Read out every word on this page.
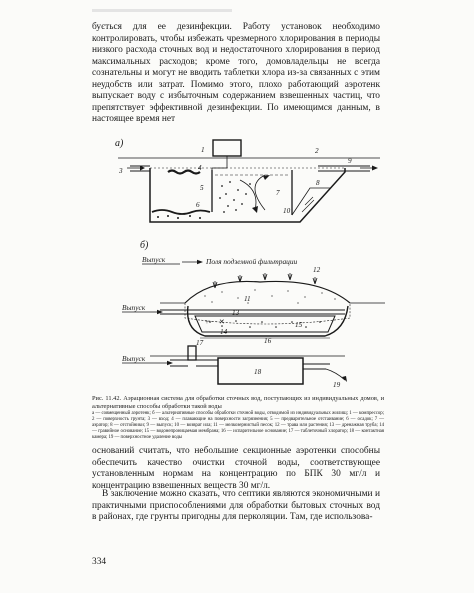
бується для ее дезинфекции. Работу установок необходимо контролировать, чтобы избежать чрезмерного хлорирования в периоды низкого расхода сточных вод и недостаточного хлорирования в период максимальных расходов; кроме того, домовладельцы не всегда сознательны и могут не вводить таблетки хлора из-за связанных с этим неудобств или затрат. Помимо этого, плохо работающий аэротенк выпускает воду с избыточным содержанием взвешенных частиц, что препятствует эффективной дезинфекции. По имеющимся данным, в настоящее время нет

а)
1	2
3	4
5
6
7
8
9
10
б)
Выпуск	Поля подземной фильтрации
Выпуск
+ · · ✕
11
12
13
14
15
16
Выпуск
17
18
19

Рис. 11.42. Аэрационная система для обработки сточных вод, поступающих из индивидуальных домов, и альтернативные способы обработки такой воды

а — совмещенный аэротенк; б — альтернативные способы обработки сточной воды, отводимой из индивидуальных жилищ; 1 — компрессор; 2 — поверхность грунта; 3 — вход; 4 — плавающие на поверхности загрязнения; 5 — предварительное отстаивание; 6 — осадок; 7 — аэратор; 8 — отстойники; 9 — выпуск; 10 — возврат ила; 11 — мелкозернистый песок; 12 — трава или растения; 13 — дренажная труба; 14 — гравийное основание; 15 — водонепроницаемая мембрана; 16 — испарительное основание; 17 — таблеточный хлоратор; 18 — контактная камера; 19 — поверхностное удаление воды

оснований считать, что небольшие секционные аэротенки способны обеспечить качество очистки сточной воды, соответствующее установленным нормам на концентрацию по БПК 30 мг/л и концентрацию взвешенных веществ 30 мг/л.

В заключение можно сказать, что септики являются экономичными и практичными приспособлениями для обработки бытовых сточных вод в районах, где грунты пригодны для перколяции. Там, где использова-

334
